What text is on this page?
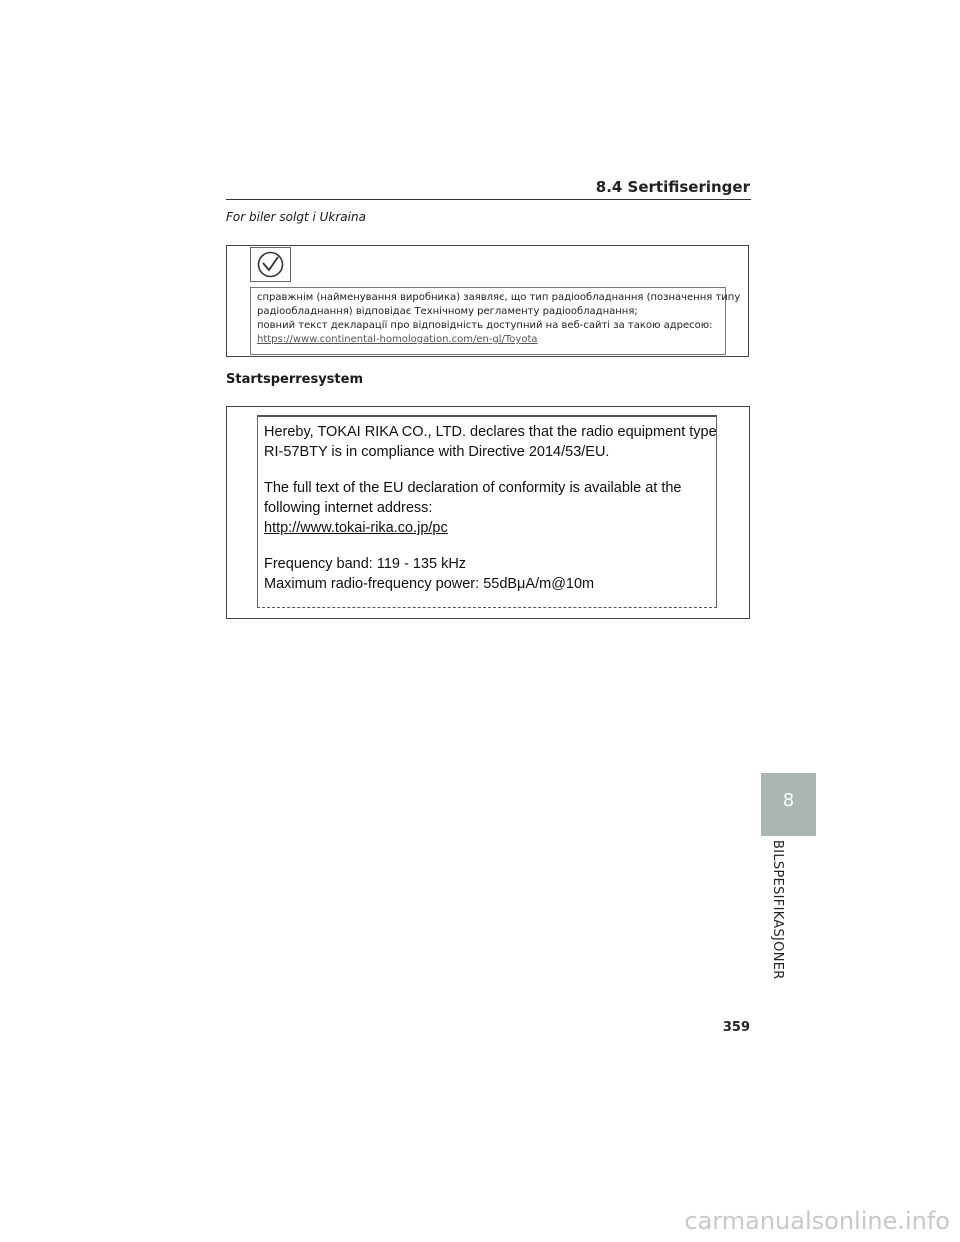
8.4 Sertifiseringer
For biler solgt i Ukraina
справжнім (найменування виробника) заявляє, що тип радіообладнання (позначення типу
радіообладнання) відповідає Технічному регламенту радіообладнання;
повний текст декларації про відповідність доступний на веб-сайті за такою адресою:
https://www.continental-homologation.com/en-gl/Toyota
Startsperresystem
Hereby, TOKAI RIKA CO., LTD. declares that the radio equipment type
RI-57BTY is in compliance with Directive 2014/53/EU.
The full text of the EU declaration of conformity is available at the
following internet address:
http://www.tokai-rika.co.jp/pc
Frequency band: 119 - 135 kHz
Maximum radio-frequency power: 55dBμA/m@10m
8
BILSPESIFIKASJONER
359
carmanualsonline.info
